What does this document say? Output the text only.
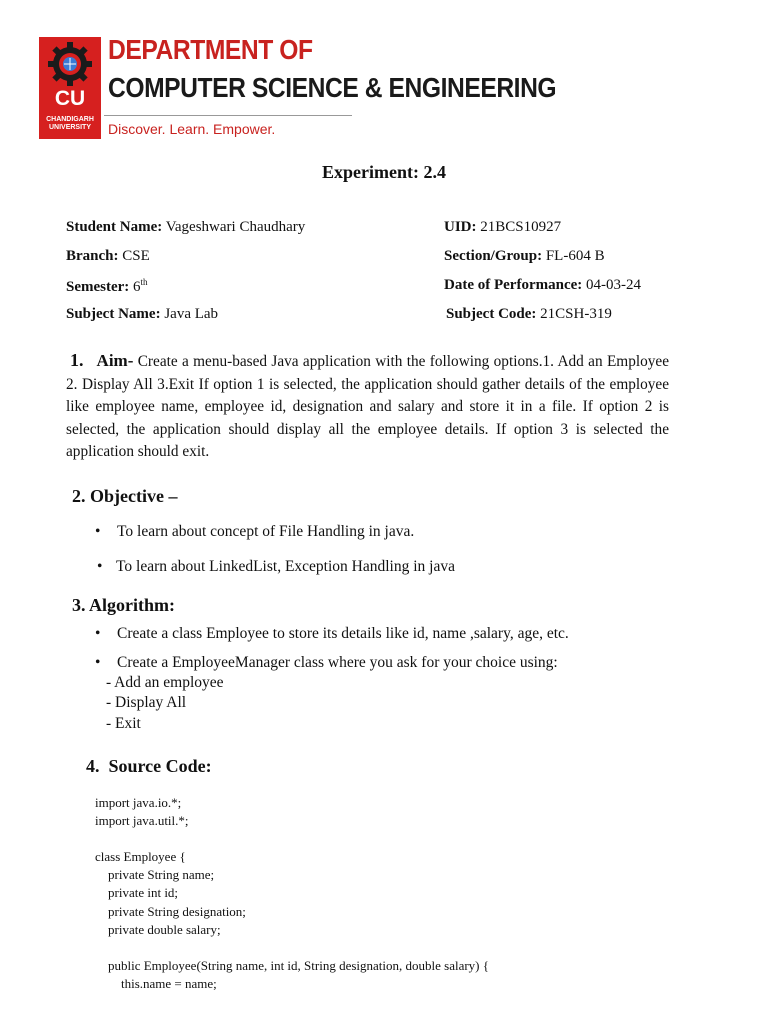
CU
CHANDIGARH UNIVERSITY
DEPARTMENT OF
COMPUTER SCIENCE & ENGINEERING
Discover. Learn. Empower.
Experiment: 2.4
Student Name: Vageshwari Chaudhary	UID: 21BCS10927
Branch: CSE	Section/Group: FL-604 B
Semester: 6th	Date of Performance: 04-03-24
Subject Name: Java Lab	Subject Code: 21CSH-319
1. Aim- Create a menu-based Java application with the following options.1. Add an Employee 2. Display All 3.Exit If option 1 is selected, the application should gather details of the employee like employee name, employee id, designation and salary and store it in a file. If option 2 is selected, the application should display all the employee details. If option 3 is selected the application should exit.
2. Objective –
• To learn about concept of File Handling in java.
• To learn about LinkedList, Exception Handling in java
3. Algorithm:
• Create a class Employee to store its details like id, name ,salary, age, etc.
• Create a EmployeeManager class where you ask for your choice using:
- Add an employee
- Display All
- Exit
4.  Source Code:
import java.io.*;
import java.util.*;

class Employee {
private String name;
private int id;
private String designation;
private double salary;

public Employee(String name, int id, String designation, double salary) {
this.name = name;
